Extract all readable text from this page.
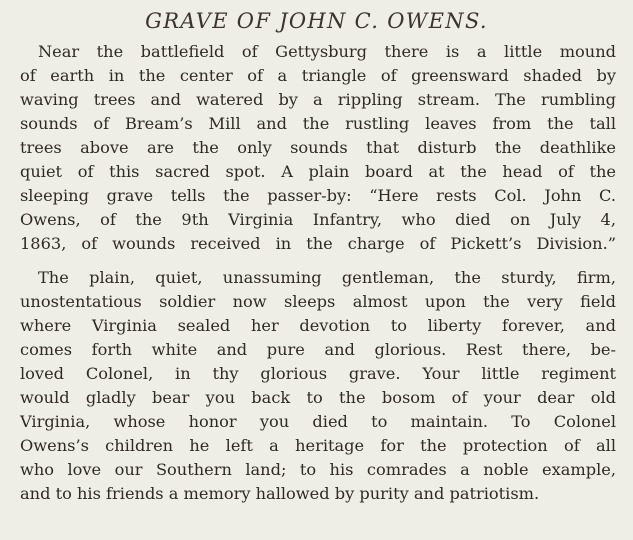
GRAVE OF JOHN C. OWENS.
Near the battlefield of Gettysburg there is a little mound
of earth in the center of a triangle of greensward shaded by
waving trees and watered by a rippling stream. The rumbling
sounds of Bream’s Mill and the rustling leaves from the tall
trees above are the only sounds that disturb the deathlike
quiet of this sacred spot. A plain board at the head of the
sleeping grave tells the passer-by: “Here rests Col. John C.
Owens, of the 9th Virginia Infantry, who died on July 4,
1863, of wounds received in the charge of Pickett’s Division.”
The plain, quiet, unassuming gentleman, the sturdy, firm,
unostentatious soldier now sleeps almost upon the very field
where Virginia sealed her devotion to liberty forever, and
comes forth white and pure and glorious. Rest there, be-
loved Colonel, in thy glorious grave. Your little regiment
would gladly bear you back to the bosom of your dear old
Virginia, whose honor you died to maintain. To Colonel
Owens’s children he left a heritage for the protection of all
who love our Southern land; to his comrades a noble example,
and to his friends a memory hallowed by purity and patriotism.
